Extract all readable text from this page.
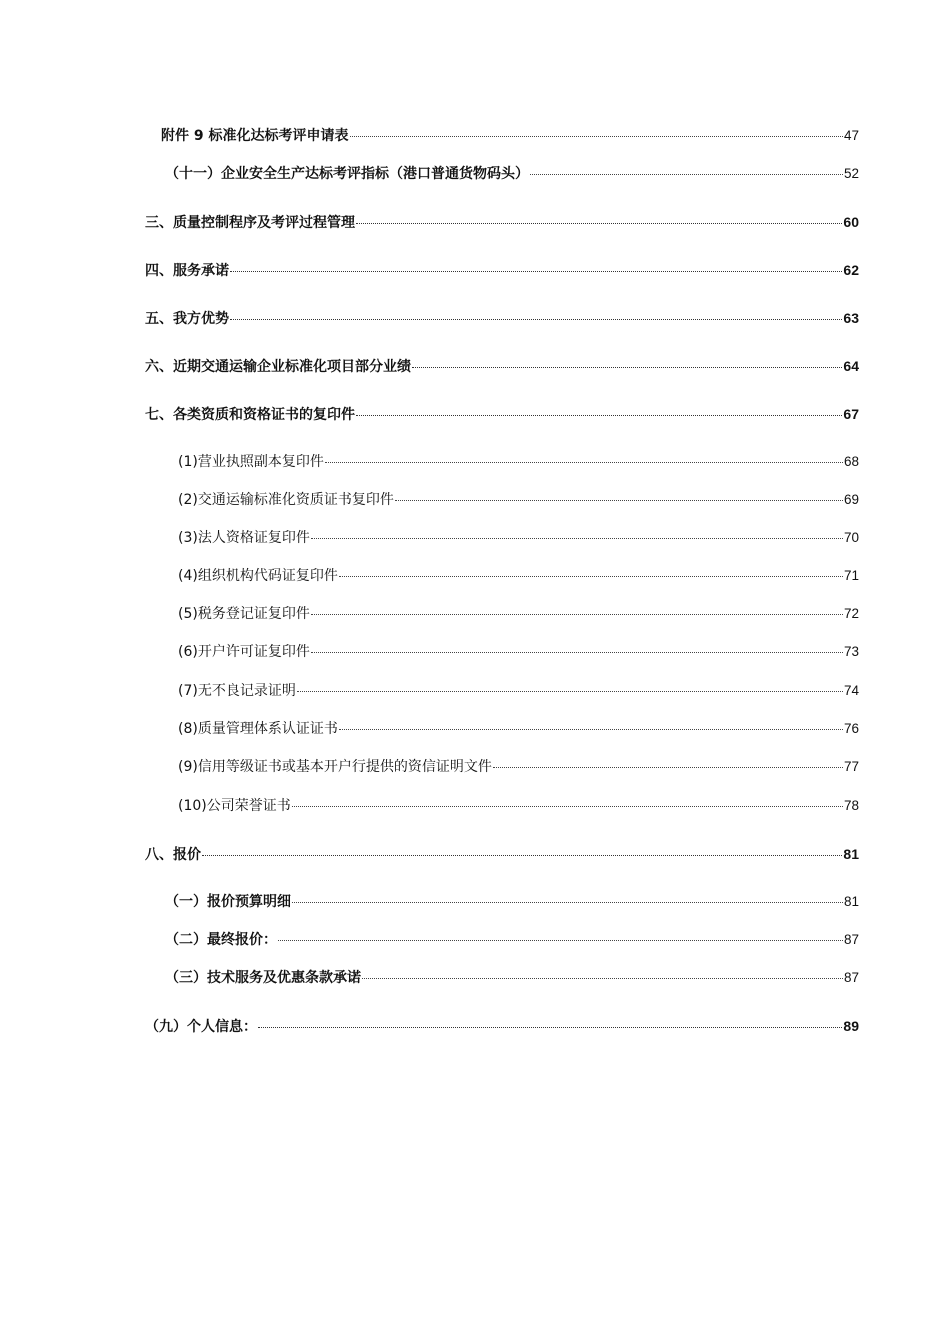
附件 9 标准化达标考评申请表	47
（十一）企业安全生产达标考评指标（港口普通货物码头）	52
三、质量控制程序及考评过程管理	60
四、服务承诺	62
五、我方优势	63
六、近期交通运输企业标准化项目部分业绩	64
七、各类资质和资格证书的复印件	67
(1)营业执照副本复印件	68
(2)交通运输标准化资质证书复印件	69
(3)法人资格证复印件	70
(4)组织机构代码证复印件	71
(5)税务登记证复印件	72
(6)开户许可证复印件	73
(7)无不良记录证明	74
(8)质量管理体系认证证书	76
(9)信用等级证书或基本开户行提供的资信证明文件	77
(10)公司荣誉证书	78
八、报价	81
（一）报价预算明细	81
（二）最终报价：	87
（三）技术服务及优惠条款承诺	87
（九）个人信息：	89
